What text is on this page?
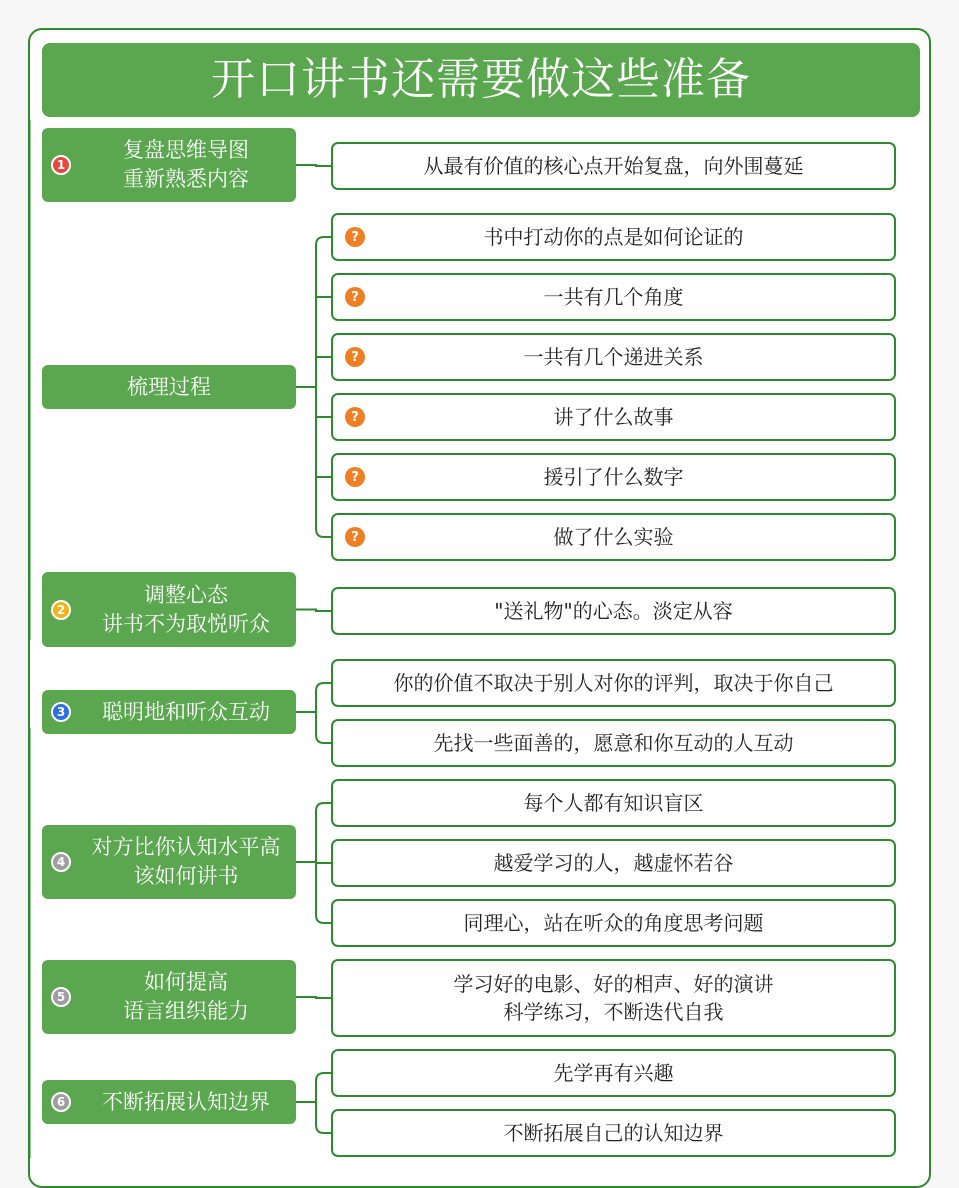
开口讲书还需要做这些准备
1
复盘思维导图
重新熟悉内容
从最有价值的核心点开始复盘，向外围蔓延
梳理过程
?	书中打动你的点是如何论证的
?	一共有几个角度
?	一共有几个递进关系
?	讲了什么故事
?	援引了什么数字
?	做了什么实验
2
调整心态
讲书不为取悦听众
"送礼物"的心态。淡定从容
3	聪明地和听众互动
你的价值不取决于别人对你的评判，取决于你自己
先找一些面善的，愿意和你互动的人互动
4
对方比你认知水平高
该如何讲书
每个人都有知识盲区
越爱学习的人，越虚怀若谷
同理心，站在听众的角度思考问题
5
如何提高
语言组织能力
学习好的电影、好的相声、好的演讲
科学练习，不断迭代自我
6	不断拓展认知边界
先学再有兴趣
不断拓展自己的认知边界
